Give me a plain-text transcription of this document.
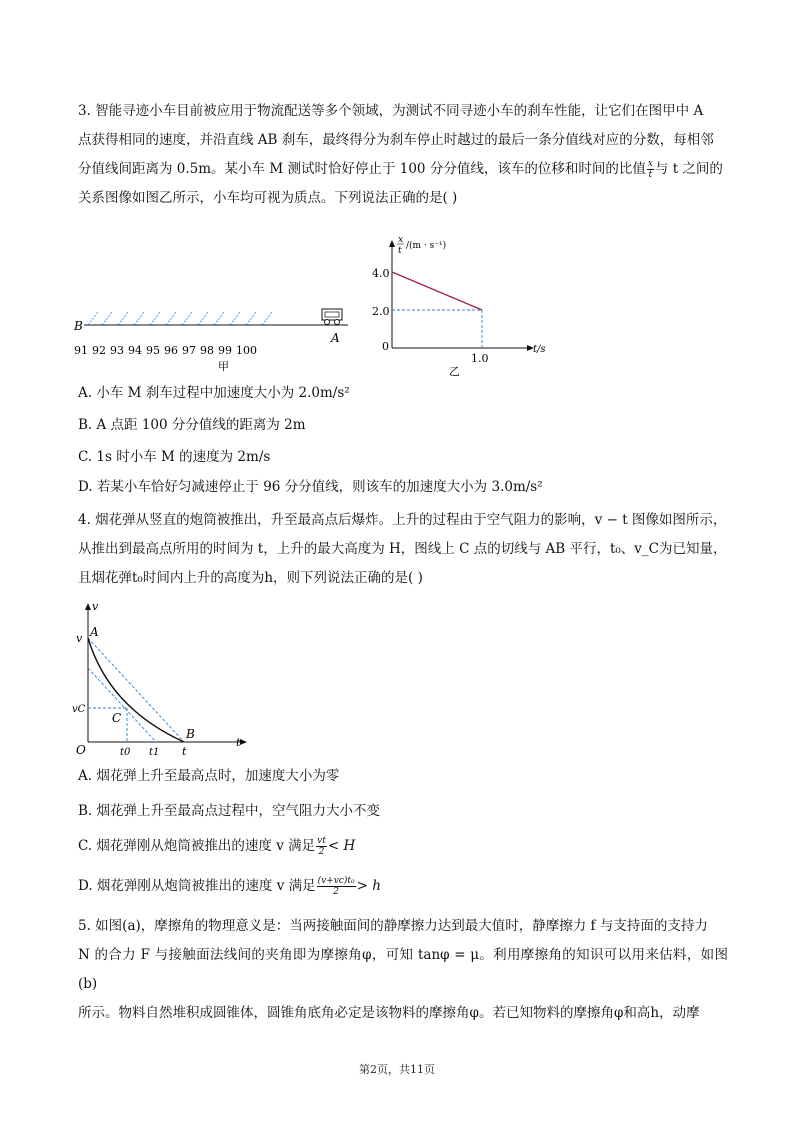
3. 智能寻迹小车目前被应用于物流配送等多个领域，为测试不同寻迹小车的刹车性能，让它们在图甲中 A
点获得相同的速度，并沿直线 AB 刹车，最终得分为刹车停止时越过的最后一条分值线对应的分数，每相邻
分值线间距离为 0.5m。某小车 M 测试时恰好停止于 100 分分值线，该车的位移和时间的比值 $\frac{x}{t}$ 与 t 之间的
关系图像如图乙所示，小车均可视为质点。下列说法正确的是( )
B
A
91 92 93 94 95 96 97 98 99 100
甲
x
t /(m · s⁻¹)
4.0
2.0
0
1.0
t/s
乙
A. 小车 M 刹车过程中加速度大小为 2.0m/s²
B. A 点距 100 分分值线的距离为 2m
C. 1s 时小车 M 的速度为 2m/s
D. 若某小车恰好匀减速停止于 96 分分值线，则该车的加速度大小为 3.0m/s²
4. 烟花弹从竖直的炮筒被推出，升至最高点后爆炸。上升的过程由于空气阻力的影响，v − t 图像如图所示，
从推出到最高点所用的时间为 t，上升的最大高度为 H，图线上 C 点的切线与 AB 平行，t₀、v_C为已知量，
且烟花弹t₀时间内上升的高度为h，则下列说法正确的是( )
v
t
O
v
vC
A
B
C
t0 t1 t
A. 烟花弹上升至最高点时，加速度大小为零
B. 烟花弹上升至最高点过程中，空气阻力大小不变
C. 烟花弹刚从炮筒被推出的速度 v 满足 $\frac{vt}{2} < H$
D. 烟花弹刚从炮筒被推出的速度 v 满足 $\frac{\text{(v+vc)t₀}}{2} > h$
5. 如图(a)，摩擦角的物理意义是：当两接触面间的静摩擦力达到最大值时，静摩擦力 f 与支持面的支持力
N 的合力 F 与接触面法线间的夹角即为摩擦角φ，可知 tanφ = μ。利用摩擦角的知识可以用来估料，如图(b)
所示。物料自然堆积成圆锥体，圆锥角底角必定是该物料的摩擦角φ。若已知物料的摩擦角φ和高h，动摩
第2页，共11页
